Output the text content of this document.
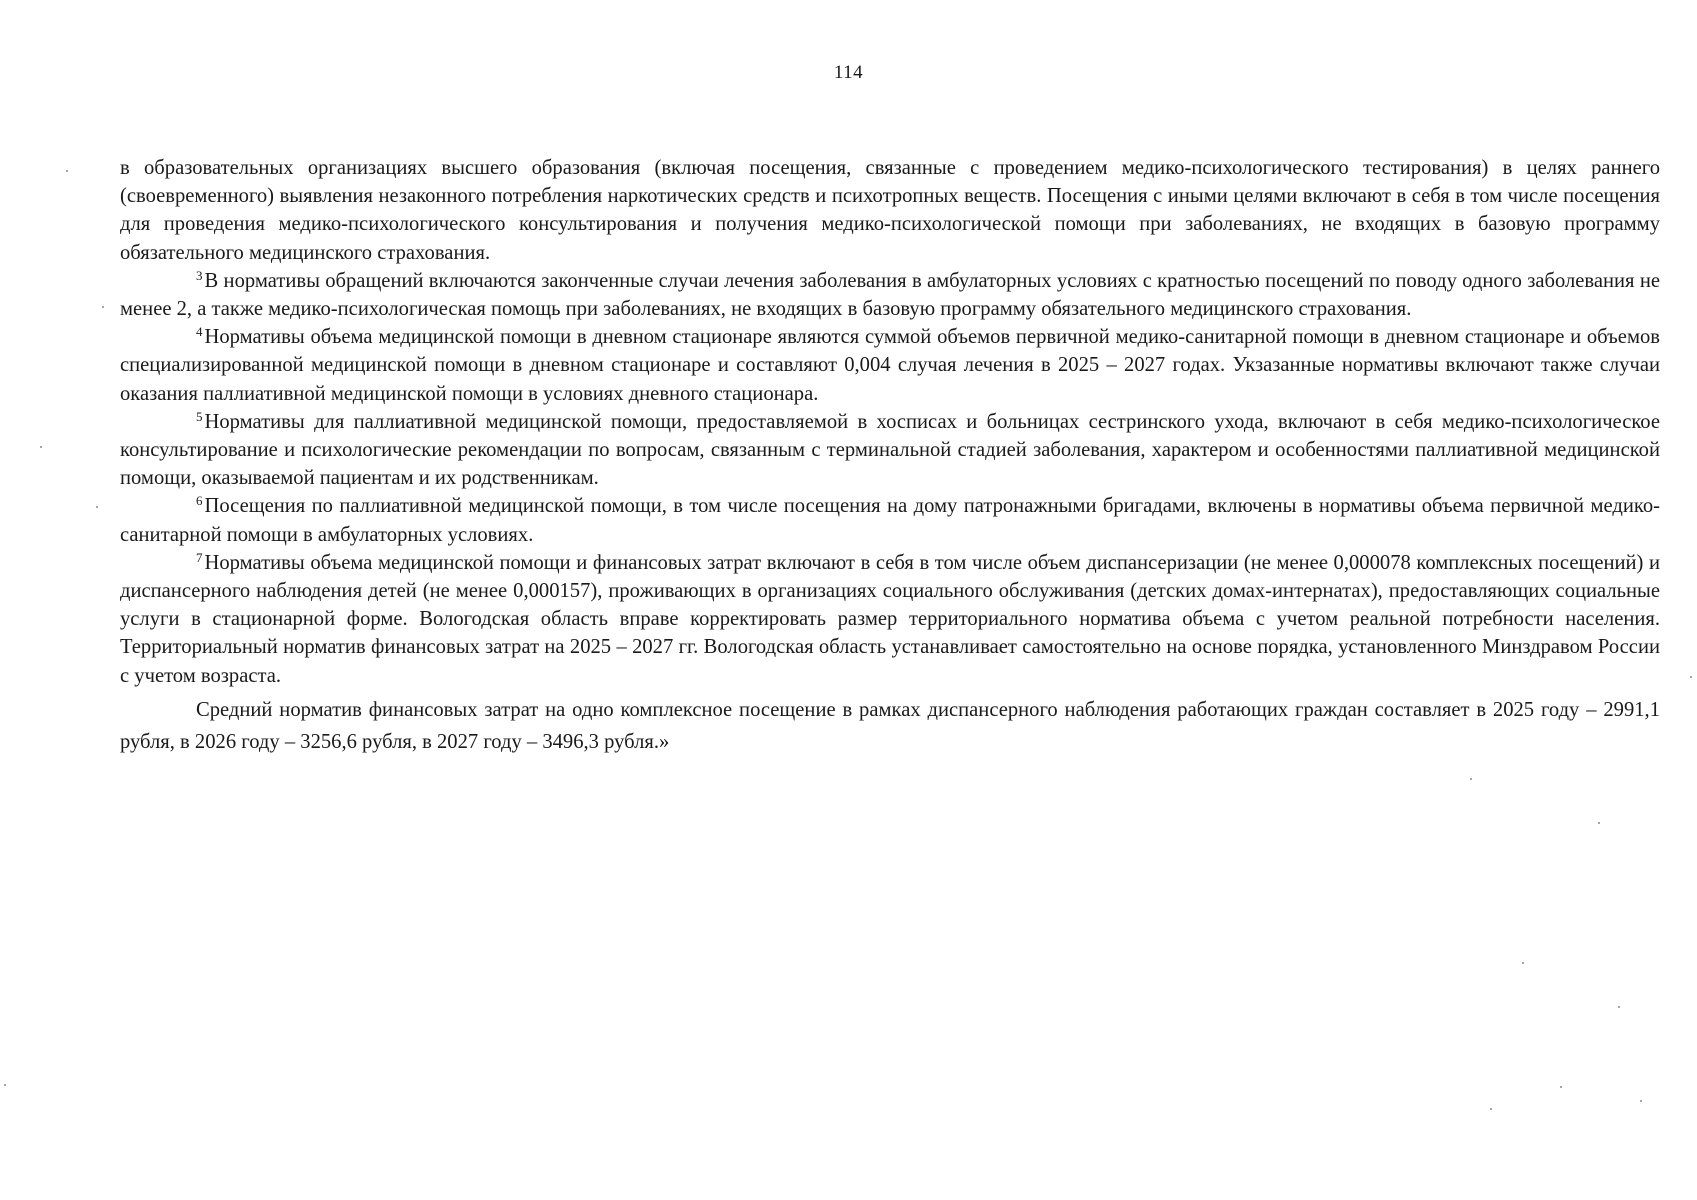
114

в образовательных организациях высшего образования (включая посещения, связанные с проведением медико-психологического тестирования) в целях раннего (своевременного) выявления незаконного потребления наркотических средств и психотропных веществ. Посещения с иными целями включают в себя в том числе посещения для проведения медико-психологического консультирования и получения медико-психологической помощи при заболеваниях, не входящих в базовую программу обязательного медицинского страхования.

$^3$В нормативы обращений включаются законченные случаи лечения заболевания в амбулаторных условиях с кратностью посещений по поводу одного заболевания не менее 2, а также медико-психологическая помощь при заболеваниях, не входящих в базовую программу обязательного медицинского страхования.

$^4$Нормативы объема медицинской помощи в дневном стационаре являются суммой объемов первичной медико-санитарной помощи в дневном стационаре и объемов специализированной медицинской помощи в дневном стационаре и составляют 0,004 случая лечения в 2025 – 2027 годах. Укзазанные нормативы включают также случаи оказания паллиативной медицинской помощи в условиях дневного стационара.

$^5$Нормативы для паллиативной медицинской помощи, предоставляемой в хосписах и больницах сестринского ухода, включают в себя медико-психологическое консультирование и психологические рекомендации по вопросам, связанным с терминальной стадией заболевания, характером и особенностями паллиативной медицинской помощи, оказываемой пациентам и их родственникам.

$^6$Посещения по паллиативной медицинской помощи, в том числе посещения на дому патронажными бригадами, включены в нормативы объема первичной медико-санитарной помощи в амбулаторных условиях.

$^7$Нормативы объема медицинской помощи и финансовых затрат включают в себя в том числе объем диспансеризации (не менее 0,000078 комплексных посещений) и диспансерного наблюдения детей (не менее 0,000157), проживающих в организациях социального обслуживания (детских домах-интернатах), предоставляющих социальные услуги в стационарной форме. Вологодская область вправе корректировать размер территориального норматива объема с учетом реальной потребности населения. Территориальный норматив финансовых затрат на 2025 – 2027 гг. Вологодская область устанавливает самостоятельно на основе порядка, установленного Минздравом России с учетом возраста.

Средний норматив финансовых затрат на одно комплексное посещение в рамках диспансерного наблюдения работающих граждан составляет в 2025 году – 2991,1 рубля, в 2026 году – 3256,6 рубля, в 2027 году – 3496,3 рубля.»
